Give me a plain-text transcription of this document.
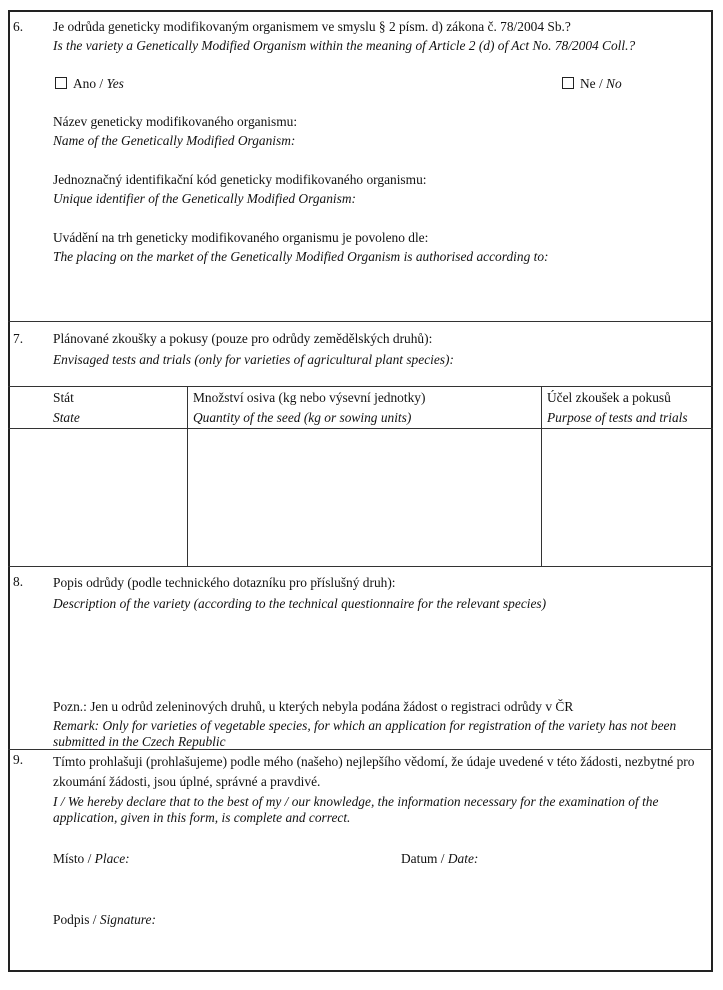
6. Je odrůda geneticky modifikovaným organismem ve smyslu § 2 písm. d) zákona č. 78/2004 Sb.?
Is the variety a Genetically Modified Organism within the meaning of Article 2 (d) of Act No. 78/2004 Coll.?
Ano / Yes	Ne / No
Název geneticky modifikovaného organismu:
Name of the Genetically Modified Organism:
Jednoznačný identifikační kód geneticky modifikovaného organismu:
Unique identifier of the Genetically Modified Organism:
Uvádění na trh geneticky modifikovaného organismu je povoleno dle:
The placing on the market of the Genetically Modified Organism is authorised according to:
7. Plánované zkoušky a pokusy (pouze pro odrůdy zemědělských druhů):
Envisaged tests and trials (only for varieties of agricultural plant species):
Stát
State
Množství osiva (kg nebo výsevní jednotky)
Quantity of the seed (kg or sowing units)
Účel zkoušek a pokusů
Purpose of tests and trials
8. Popis odrůdy (podle technického dotazníku pro příslušný druh):
Description of the variety (according to the technical questionnaire for the relevant species)
Pozn.: Jen u odrůd zeleninových druhů, u kterých nebyla podána žádost o registraci odrůdy v ČR
Remark: Only for varieties of vegetable species, for which an application for registration of the variety has not been submitted in the Czech Republic
9. Tímto prohlašuji (prohlašujeme) podle mého (našeho) nejlepšího vědomí, že údaje uvedené v této žádosti, nezbytné pro zkoumání žádosti, jsou úplné, správné a pravdivé.
I / We hereby declare that to the best of my / our knowledge, the information necessary for the examination of the application, given in this form, is complete and correct.
Místo / Place:	Datum / Date:
Podpis / Signature:
